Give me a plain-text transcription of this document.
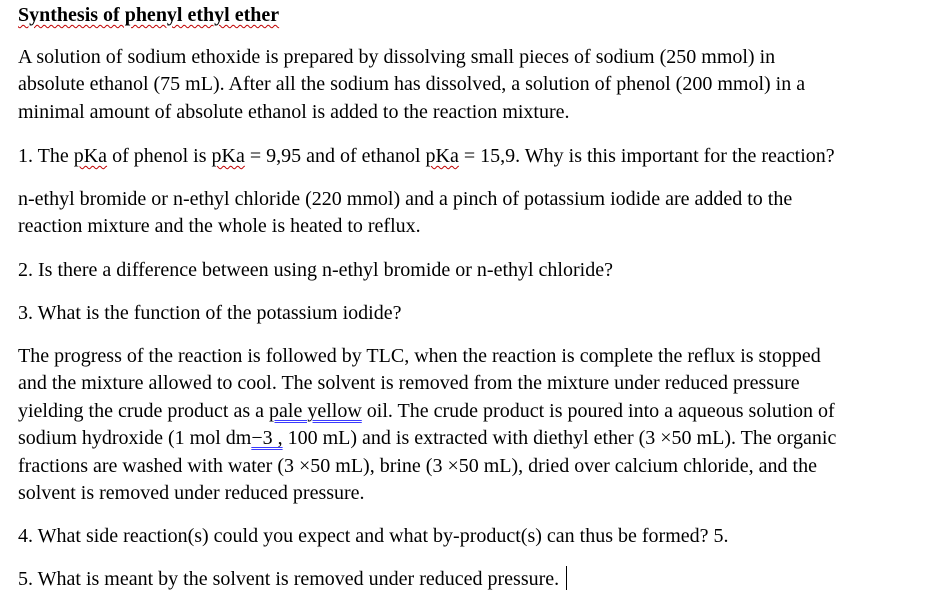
Synthesis of phenyl ethyl ether

A solution of sodium ethoxide is prepared by dissolving small pieces of sodium (250 mmol) in
absolute ethanol (75 mL). After all the sodium has dissolved, a solution of phenol (200 mmol) in a
minimal amount of absolute ethanol is added to the reaction mixture.

1. The pKa of phenol is pKa = 9,95 and of ethanol pKa = 15,9. Why is this important for the reaction?

n-ethyl bromide or n-ethyl chloride (220 mmol) and a pinch of potassium iodide are added to the
reaction mixture and the whole is heated to reflux.

2. Is there a difference between using n-ethyl bromide or n-ethyl chloride?

3. What is the function of the potassium iodide?

The progress of the reaction is followed by TLC, when the reaction is complete the reflux is stopped
and the mixture allowed to cool. The solvent is removed from the mixture under reduced pressure
yielding the crude product as a pale yellow oil. The crude product is poured into a aqueous solution of
sodium hydroxide (1 mol dm−3 , 100 mL) and is extracted with diethyl ether (3 ×50 mL). The organic
fractions are washed with water (3 ×50 mL), brine (3 ×50 mL), dried over calcium chloride, and the
solvent is removed under reduced pressure.

4. What side reaction(s) could you expect and what by-product(s) can thus be formed? 5.

5. What is meant by the solvent is removed under reduced pressure.
